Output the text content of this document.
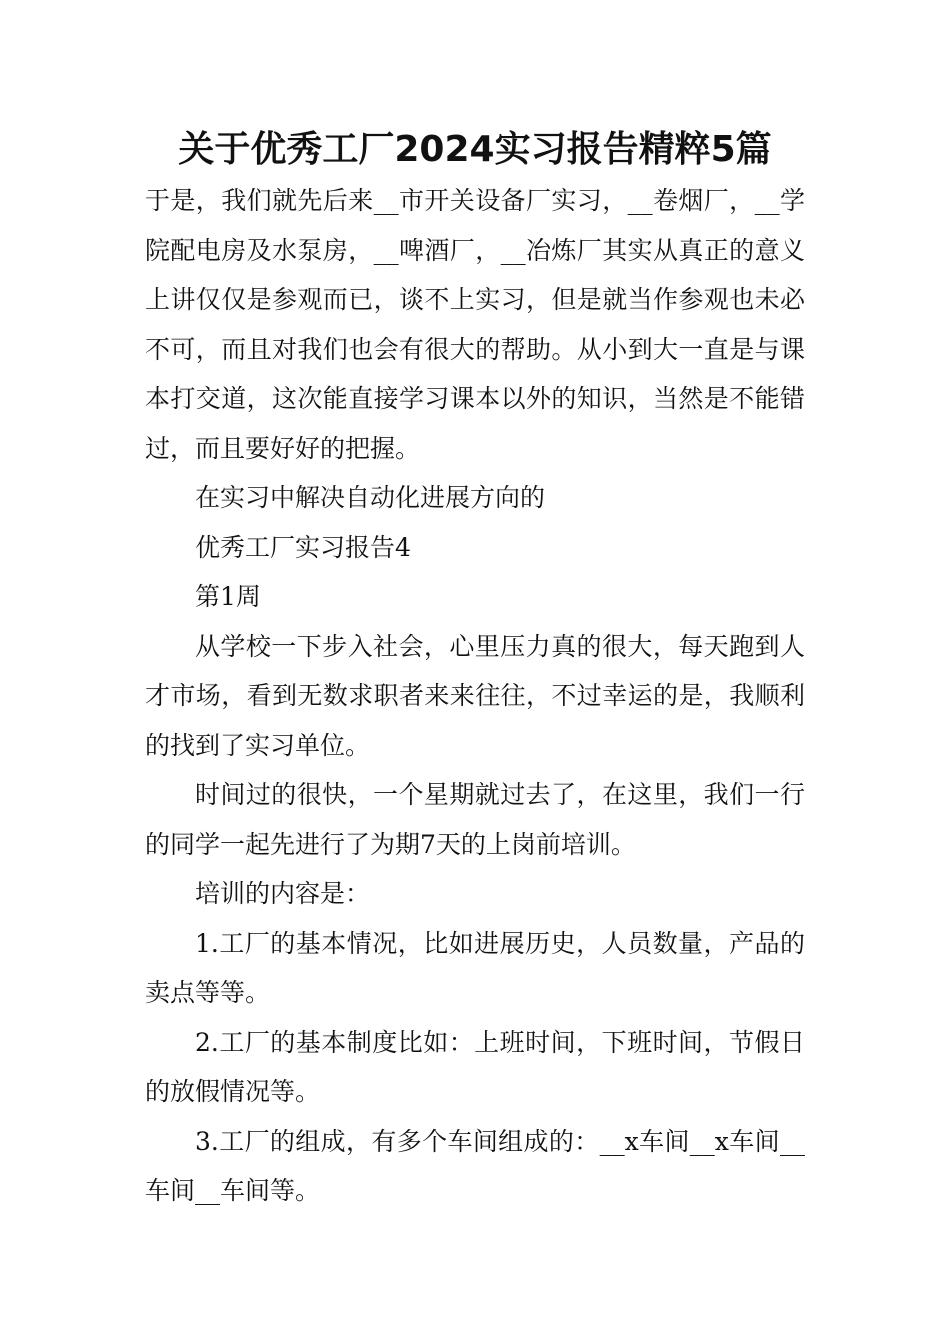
关于优秀工厂2024实习报告精粹5篇

于是，我们就先后来__市开关设备厂实习，__卷烟厂，__学院配电房及水泵房，__啤酒厂，__冶炼厂其实从真正的意义上讲仅仅是参观而已，谈不上实习，但是就当作参观也未必不可，而且对我们也会有很大的帮助。从小到大一直是与课本打交道，这次能直接学习课本以外的知识，当然是不能错过，而且要好好的把握。

在实习中解决自动化进展方向的

优秀工厂实习报告4

第1周

从学校一下步入社会，心里压力真的很大，每天跑到人才市场，看到无数求职者来来往往，不过幸运的是，我顺利的找到了实习单位。

时间过的很快，一个星期就过去了，在这里，我们一行的同学一起先进行了为期7天的上岗前培训。

培训的内容是：

1.工厂的基本情况，比如进展历史，人员数量，产品的卖点等等。

2.工厂的基本制度比如：上班时间，下班时间，节假日的放假情况等。

3.工厂的组成，有多个车间组成的：__x车间__x车间__车间__车间等。
